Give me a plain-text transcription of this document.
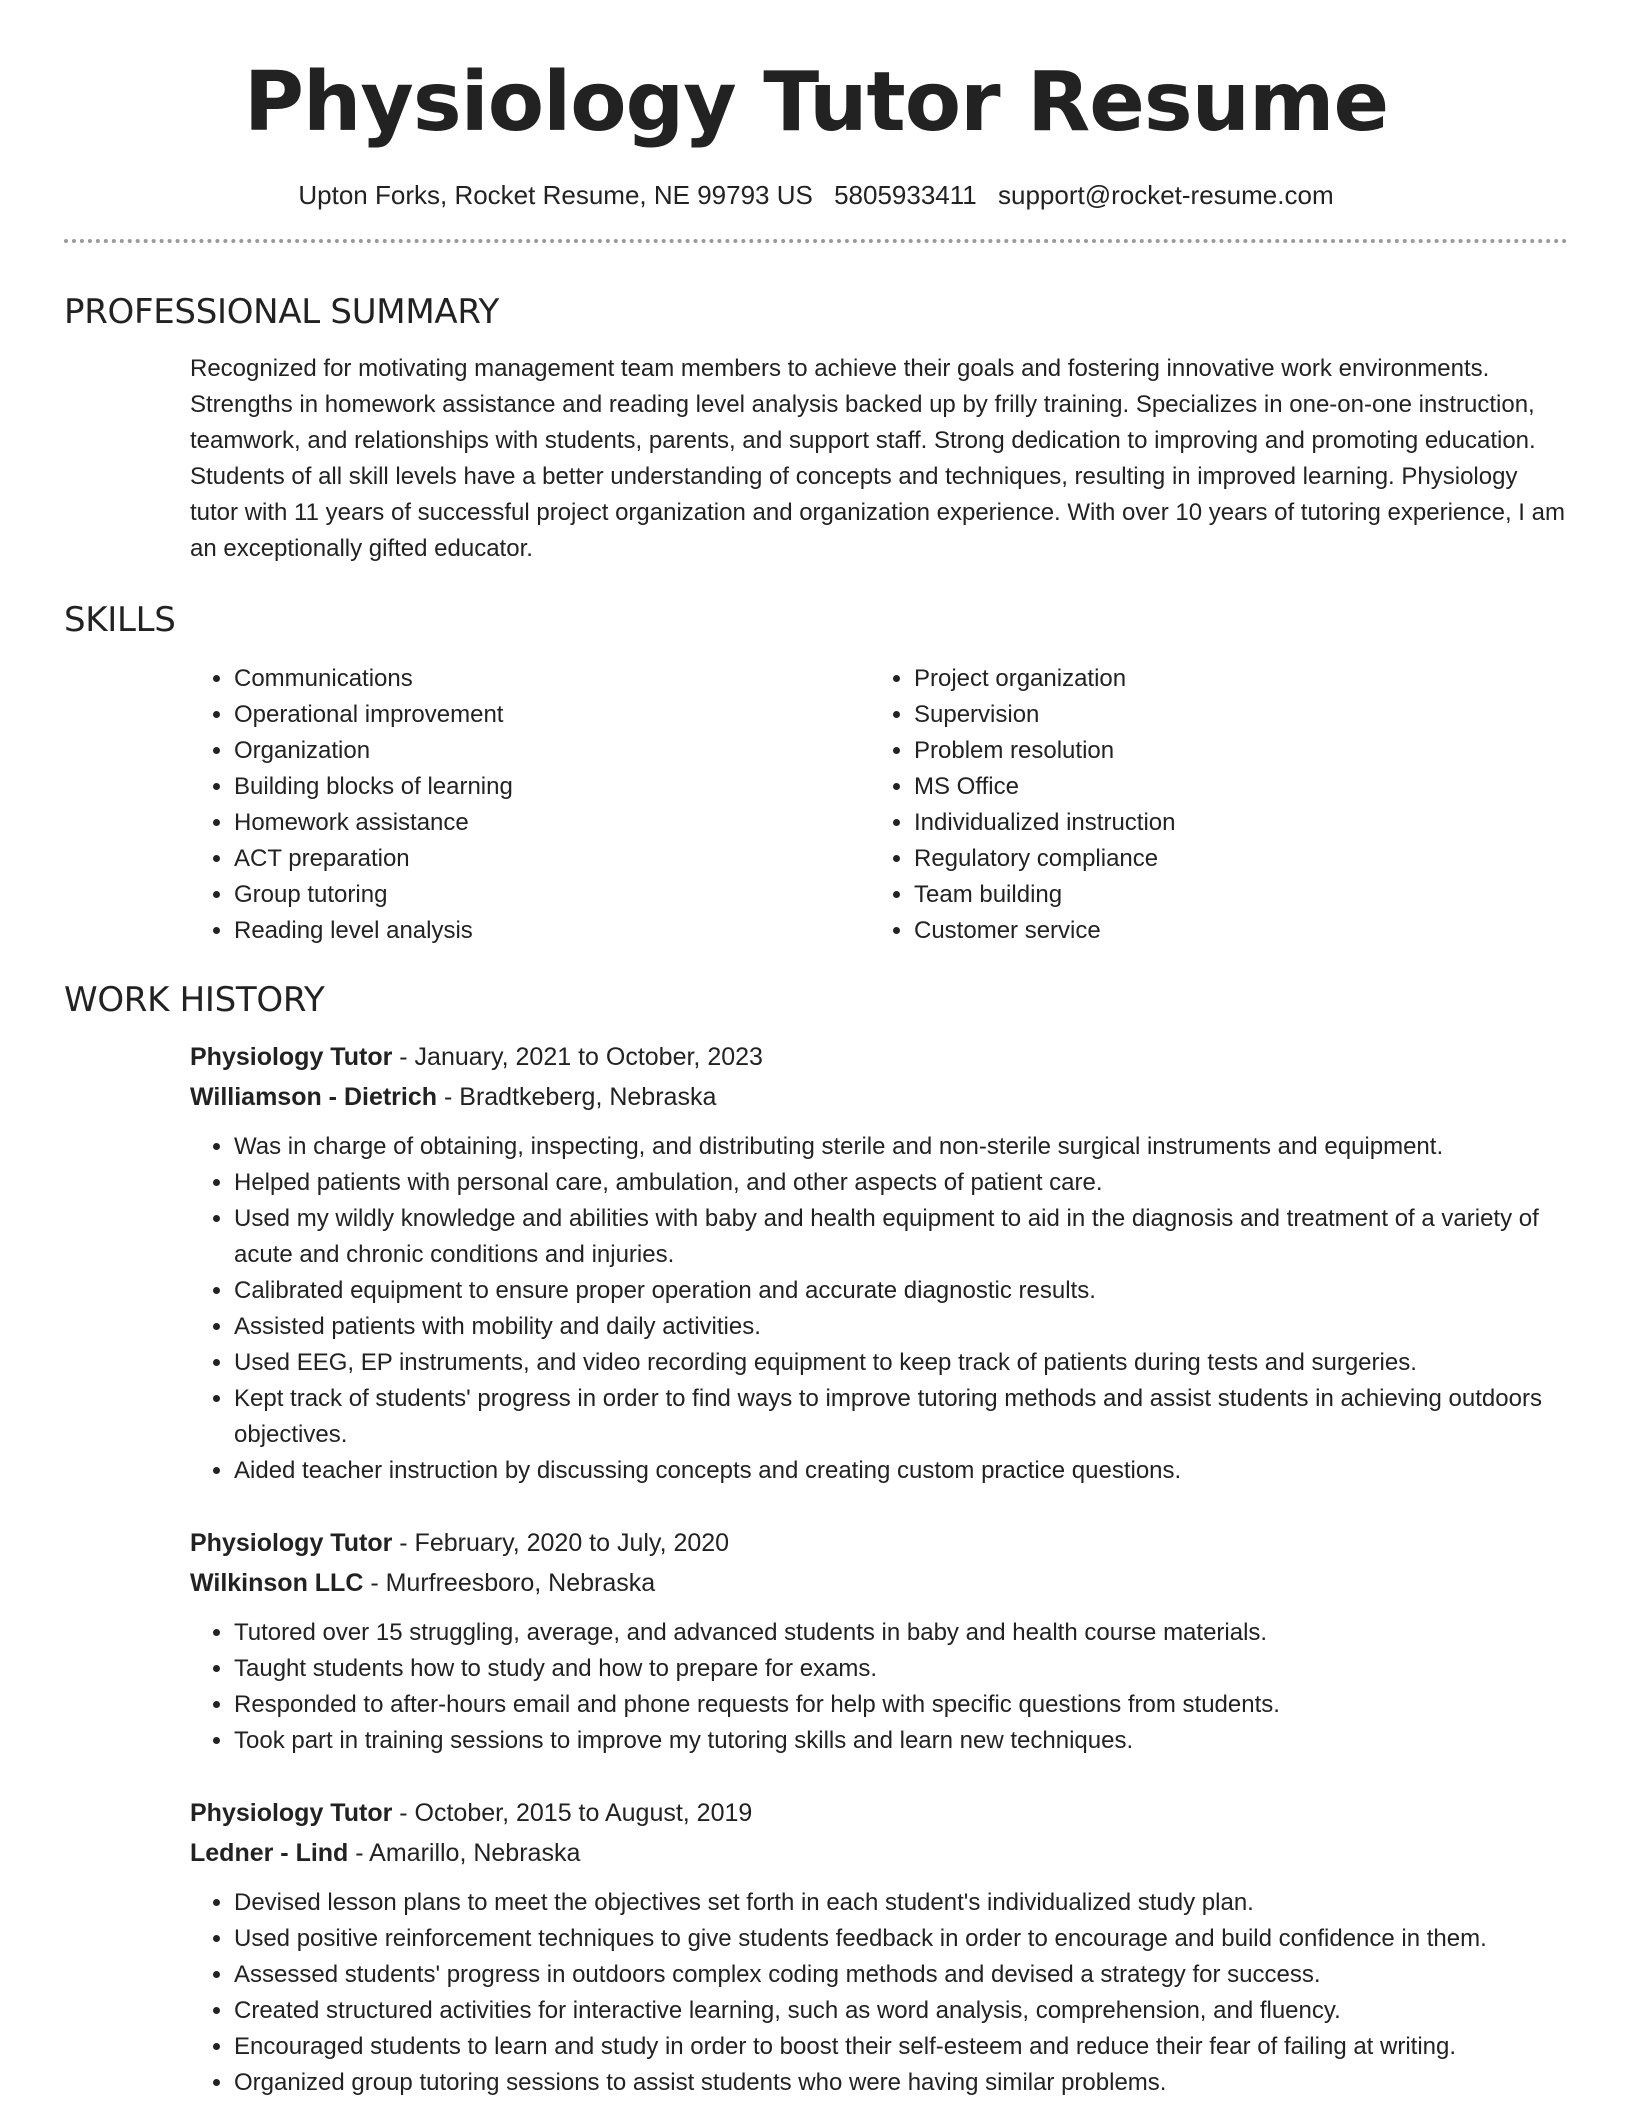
Physiology Tutor Resume
Upton Forks, Rocket Resume, NE 99793 US 5805933411 support@rocket-resume.com
PROFESSIONAL SUMMARY

Recognized for motivating management team members to achieve their goals and fostering innovative work environments. Strengths in homework assistance and reading level analysis backed up by frilly training. Specializes in one-on-one instruction, teamwork, and relationships with students, parents, and support staff. Strong dedication to improving and promoting education. Students of all skill levels have a better understanding of concepts and techniques, resulting in improved learning. Physiology tutor with 11 years of successful project organization and organization experience. With over 10 years of tutoring experience, I am an exceptionally gifted educator.

SKILLS
• Communications
• Operational improvement
• Organization
• Building blocks of learning
• Homework assistance
• ACT preparation
• Group tutoring
• Reading level analysis
• Project organization
• Supervision
• Problem resolution
• MS Office
• Individualized instruction
• Regulatory compliance
• Team building
• Customer service
WORK HISTORY
Physiology Tutor - January, 2021 to October, 2023
Williamson - Dietrich - Bradtkeberg, Nebraska
• Was in charge of obtaining, inspecting, and distributing sterile and non-sterile surgical instruments and equipment.
• Helped patients with personal care, ambulation, and other aspects of patient care.
• Used my wildly knowledge and abilities with baby and health equipment to aid in the diagnosis and treatment of a variety of acute and chronic conditions and injuries.
• Calibrated equipment to ensure proper operation and accurate diagnostic results.
• Assisted patients with mobility and daily activities.
• Used EEG, EP instruments, and video recording equipment to keep track of patients during tests and surgeries.
• Kept track of students' progress in order to find ways to improve tutoring methods and assist students in achieving outdoors objectives.
• Aided teacher instruction by discussing concepts and creating custom practice questions.
Physiology Tutor - February, 2020 to July, 2020
Wilkinson LLC - Murfreesboro, Nebraska
• Tutored over 15 struggling, average, and advanced students in baby and health course materials.
• Taught students how to study and how to prepare for exams.
• Responded to after-hours email and phone requests for help with specific questions from students.
• Took part in training sessions to improve my tutoring skills and learn new techniques.
Physiology Tutor - October, 2015 to August, 2019
Ledner - Lind - Amarillo, Nebraska
• Devised lesson plans to meet the objectives set forth in each student's individualized study plan.
• Used positive reinforcement techniques to give students feedback in order to encourage and build confidence in them.
• Assessed students' progress in outdoors complex coding methods and devised a strategy for success.
• Created structured activities for interactive learning, such as word analysis, comprehension, and fluency.
• Encouraged students to learn and study in order to boost their self-esteem and reduce their fear of failing at writing.
• Organized group tutoring sessions to assist students who were having similar problems.
